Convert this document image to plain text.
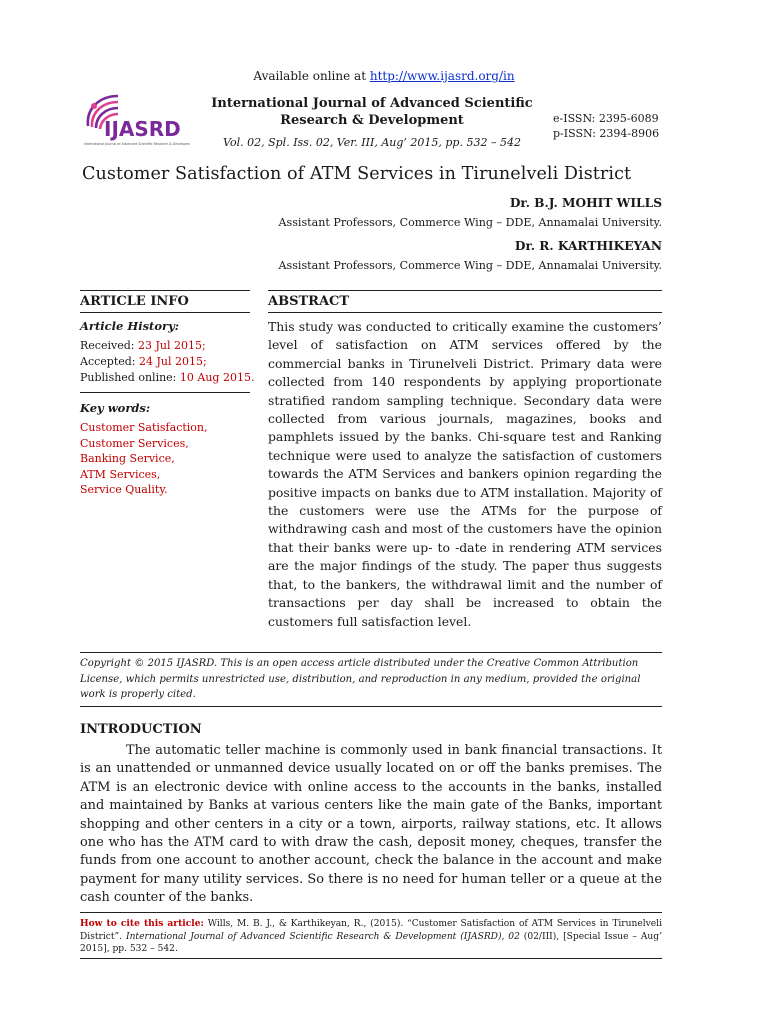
Available online at http://www.ijasrd.org/in
IJASRD
International Journal of Advanced Scientific Research & Development
International Journal of Advanced Scientific Research & Development
Vol. 02, Spl. Iss. 02, Ver. III, Aug’ 2015, pp. 532 – 542
e-ISSN: 2395-6089
p-ISSN: 2394-8906
Customer Satisfaction of ATM Services in Tirunelveli District
Dr. B.J. MOHIT WILLS
Assistant Professors, Commerce Wing – DDE, Annamalai University.
Dr. R. KARTHIKEYAN
Assistant Professors, Commerce Wing – DDE, Annamalai University.
ARTICLE INFO
Article History:
Received: 23 Jul 2015;
Accepted: 24 Jul 2015;
Published online: 10 Aug 2015.
Key words:
Customer Satisfaction,
Customer Services,
Banking Service,
ATM Services,
Service Quality.
ABSTRACT

This study was conducted to critically examine the customers’ level of satisfaction on ATM services offered by the commercial banks in Tirunelveli District. Primary data were collected from 140 respondents by applying proportionate stratified random sampling technique. Secondary data were collected from various journals, magazines, books and pamphlets issued by the banks. Chi-square test and Ranking technique were used to analyze the satisfaction of customers towards the ATM Services and bankers opinion regarding the positive impacts on banks due to ATM installation. Majority of the customers were use the ATMs for the purpose of withdrawing cash and most of the customers have the opinion that their banks were up- to -date in rendering ATM services are the major findings of the study. The paper thus suggests that, to the bankers, the withdrawal limit and the number of transactions per day shall be increased to obtain the customers full satisfaction level.

Copyright © 2015 IJASRD. This is an open access article distributed under the Creative Common Attribution License, which permits unrestricted use, distribution, and reproduction in any medium, provided the original work is properly cited.
INTRODUCTION

The automatic teller machine is commonly used in bank financial transactions. It is an unattended or unmanned device usually located on or off the banks premises. The ATM is an electronic device with online access to the accounts in the banks, installed and maintained by Banks at various centers like the main gate of the Banks, important shopping and other centers in a city or a town, airports, railway stations, etc. It allows one who has the ATM card to with draw the cash, deposit money, cheques, transfer the funds from one account to another account, check the balance in the account and make payment for many utility services. So there is no need for human teller or a queue at the cash counter of the banks.

How to cite this article: Wills, M. B. J., & Karthikeyan, R., (2015). “Customer Satisfaction of ATM Services in Tirunelveli District”. International Journal of Advanced Scientific Research & Development (IJASRD), 02 (02/III), [Special Issue – Aug’ 2015], pp. 532 – 542.
